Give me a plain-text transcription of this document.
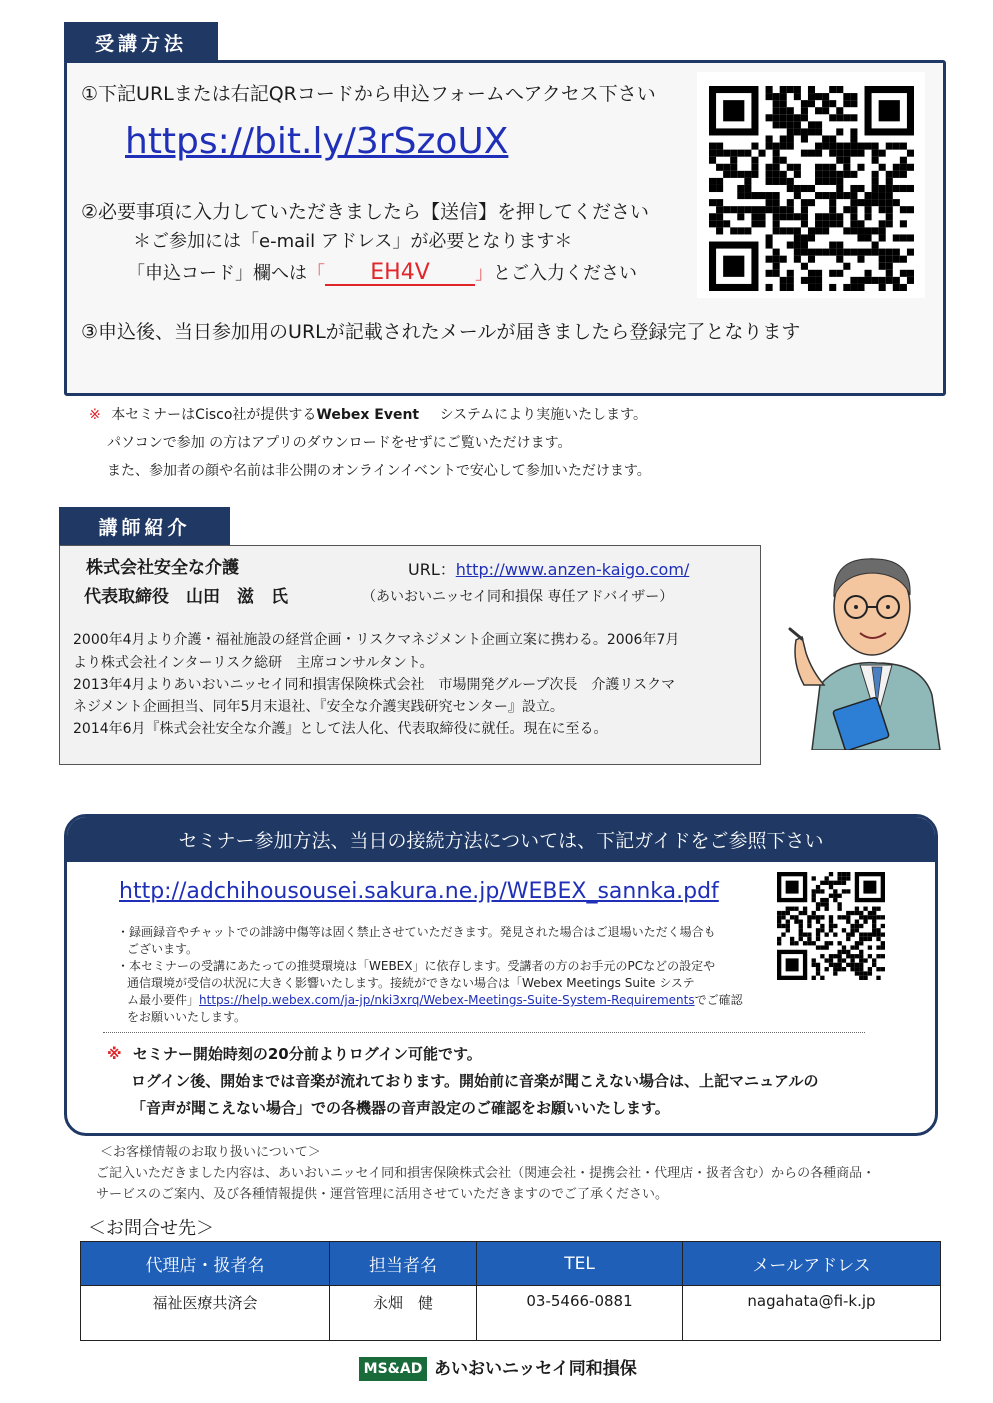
受講方法
①下記URLまたは右記QRコードから申込フォームへアクセス下さい
https://bit.ly/3rSzoUX
②必要事項に入力していただきましたら【送信】を押してください
＊ご参加には「e-mail アドレス」が必要となります＊
「申込コード」欄へは「 EH4V	」とご入力ください
③申込後、当日参加用のURLが記載されたメールが届きましたら登録完了となります
※ 本セミナーはCisco社が提供するWebex Event システムにより実施いたします。
パソコンで参加 の方はアプリのダウンロードをせずにご覧いただけます。
また、参加者の顔や名前は非公開のオンラインイベントで安心して参加いただけます。
講師紹介
株式会社安全な介護	URL：http://www.anzen-kaigo.com/
代表取締役　山田　滋　氏	（あいおいニッセイ同和損保 専任アドバイザー）
2000年4月より介護・福祉施設の経営企画・リスクマネジメント企画立案に携わる。2006年7月
より株式会社インターリスク総研　主席コンサルタント。
2013年4月よりあいおいニッセイ同和損害保険株式会社　市場開発グループ次長　介護リスクマ
ネジメント企画担当、同年5月末退社、『安全な介護実践研究センター』設立。
2014年6月『株式会社安全な介護』として法人化、代表取締役に就任。現在に至る。
セミナー参加方法、当日の接続方法については、下記ガイドをご参照下さい
http://adchihousousei.sakura.ne.jp/WEBEX_sannka.pdf
・録画録音やチャットでの誹謗中傷等は固く禁止させていただきます。発見された場合はご退場いただく場合も
ございます。
・本セミナーの受講にあたっての推奨環境は「WEBEX」に依存します。受講者の方のお手元のPCなどの設定や
通信環境が受信の状況に大きく影響いたします。接続ができない場合は「Webex Meetings Suite システ
ム最小要件」https://help.webex.com/ja-jp/nki3xrq/Webex-Meetings-Suite-System-Requirementsでご確認
をお願いいたします。
※ セミナー開始時刻の20分前よりログイン可能です。
ログイン後、開始までは音楽が流れております。開始前に音楽が聞こえない場合は、上記マニュアルの
「音声が聞こえない場合」での各機器の音声設定のご確認をお願いいたします。
＜お客様情報のお取り扱いについて＞
ご記入いただきました内容は、あいおいニッセイ同和損害保険株式会社（関連会社・提携会社・代理店・扱者含む）からの各種商品・
サービスのご案内、及び各種情報提供・運営管理に活用させていただきますのでご了承ください。
＜お問合せ先＞
代理店・扱者名	担当者名	TEL	メールアドレス
福祉医療共済会	永畑　健	03-5466-0881	nagahata@fi-k.jp
MS&AD あいおいニッセイ同和損保
